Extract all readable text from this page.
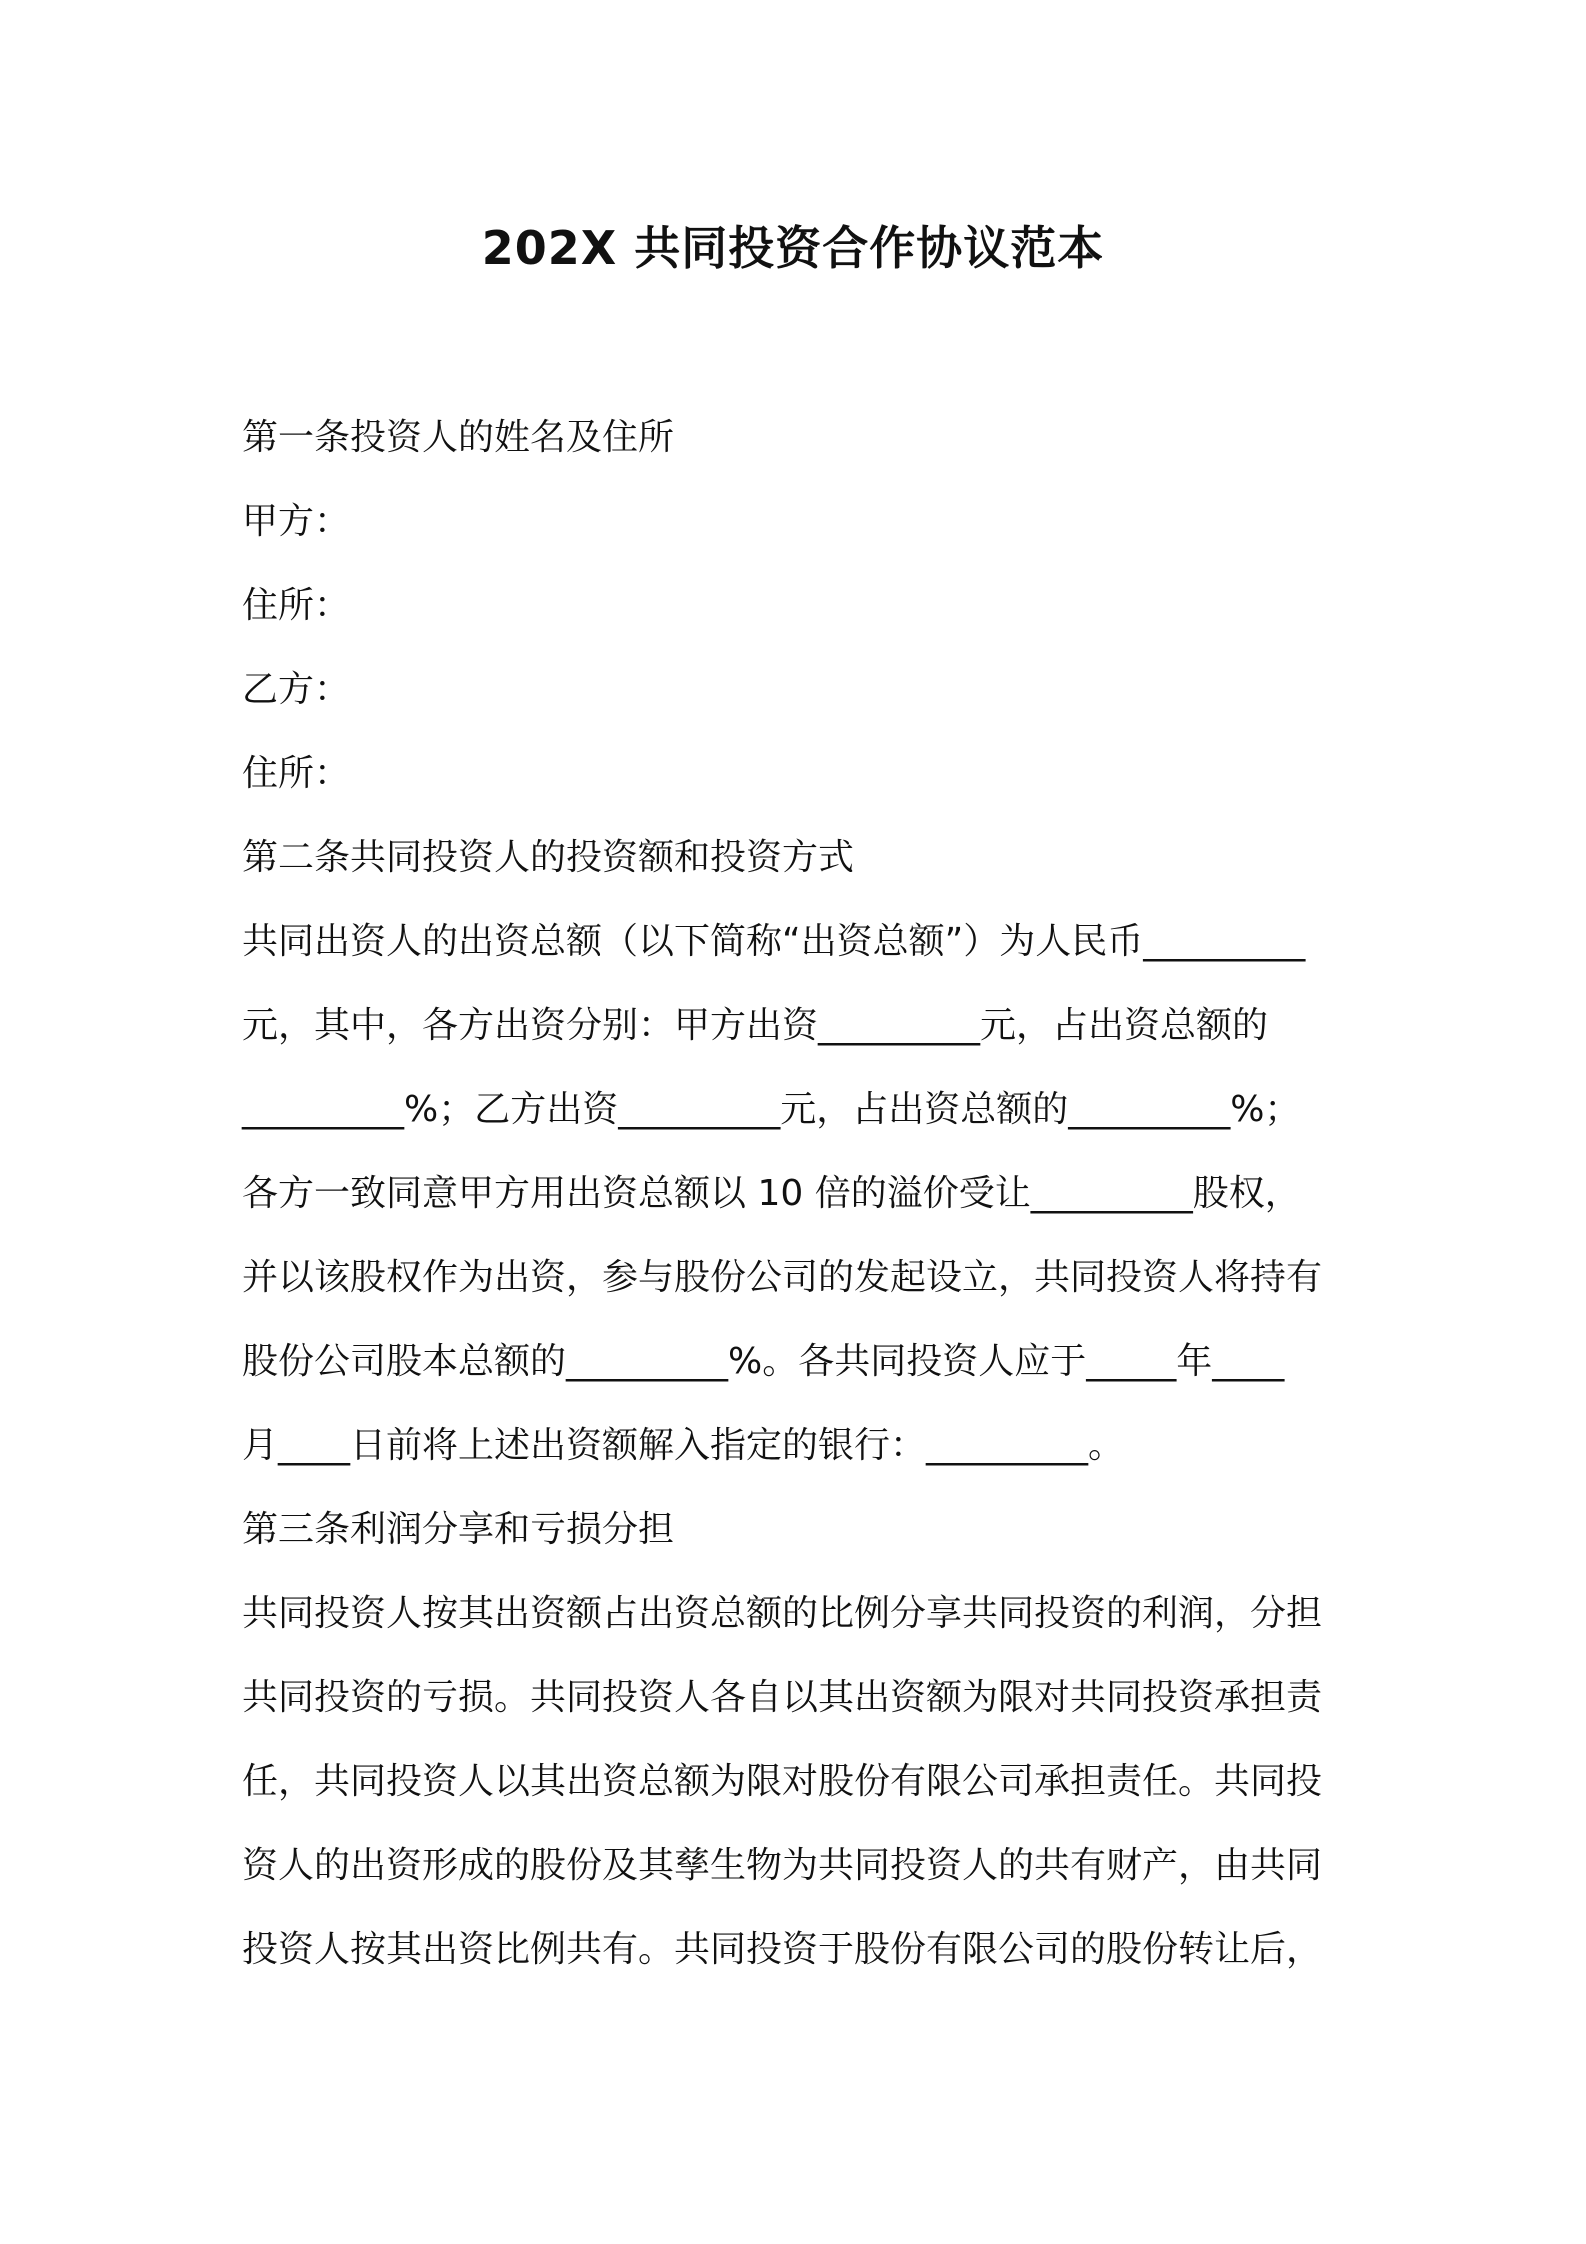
202X 共同投资合作协议范本

第一条投资人的姓名及住所

甲方：

住所：

乙方：

住所：

第二条共同投资人的投资额和投资方式

共同出资人的出资总额（以下简称“出资总额”）为人民币_________

元，其中，各方出资分别：甲方出资_________元，占出资总额的

_________%；乙方出资_________元，占出资总额的_________%；

各方一致同意甲方用出资总额以 10 倍的溢价受让_________股权，

并以该股权作为出资，参与股份公司的发起设立，共同投资人将持有

股份公司股本总额的_________%。各共同投资人应于_____年____

月____日前将上述出资额解入指定的银行：_________。

第三条利润分享和亏损分担

共同投资人按其出资额占出资总额的比例分享共同投资的利润，分担

共同投资的亏损。共同投资人各自以其出资额为限对共同投资承担责

任，共同投资人以其出资总额为限对股份有限公司承担责任。共同投

资人的出资形成的股份及其孳生物为共同投资人的共有财产，由共同

投资人按其出资比例共有。共同投资于股份有限公司的股份转让后，
